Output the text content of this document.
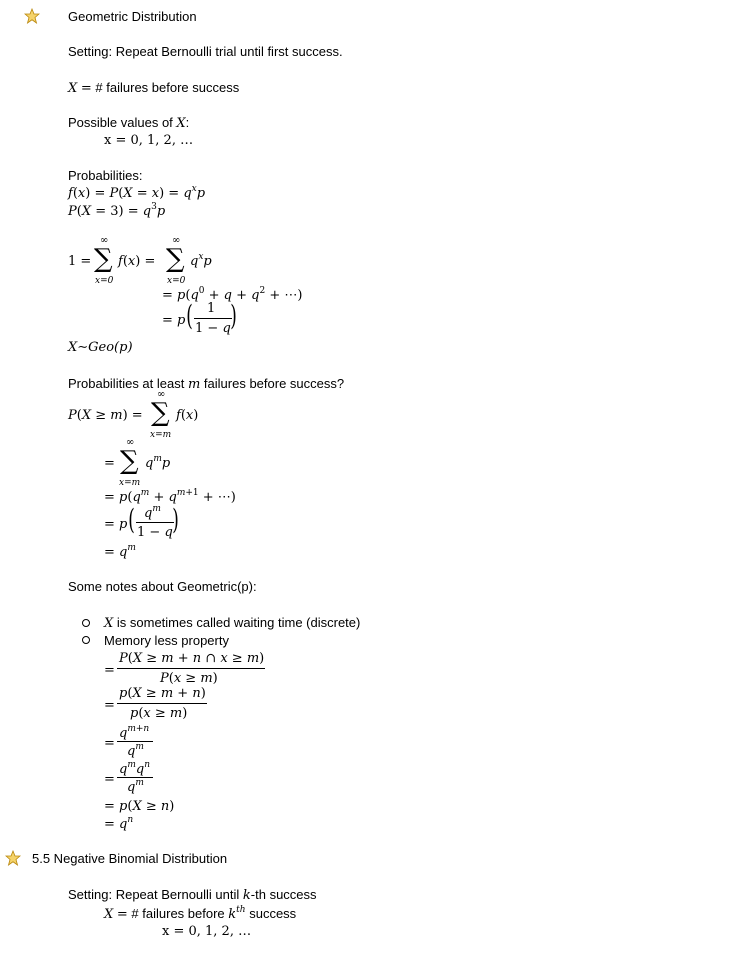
Geometric Distribution
Setting: Repeat Bernoulli trial until first success.
X = # failures before success
Possible values of X:
x = 0, 1, 2, …
Probabilities:
$f(x) = P(X = x) = q^xp$
$P(X = 3) = q^3p$
1 =
∞
∑
x=0
f(x) =
∞
∑
x=0
$q^xp$
= $p(q^0 + q + q^2$ + ⋯)
= p ( 1
1 − q )
X∼Geo(p)
Probabilities at least m failures before success?
P(X ≥ m) =
∞
∑
x=m
f(x)
=
∞
∑
x=m
$q^mp$
= $p(q^m + q^{m+1}$ + ⋯)
= p ( $q^m$
1 − q )
= $q^m$
Some notes about Geometric(p):
X is sometimes called waiting time (discrete)
Memory less property
=
P(X ≥ m + n ∩ x ≥ m)
P(x ≥ m)
=
p(X ≥ m + n)
p(x ≥ m)
=
$q^{m+n}$
$q^m$
=
$q^mq^n$
$q^m$
= p(X ≥ n)
= $q^n$
5.5 Negative Binomial Distribution
Setting: Repeat Bernoulli until k-th success
X = # failures before $k^{th}$ success
x = 0, 1, 2, …
